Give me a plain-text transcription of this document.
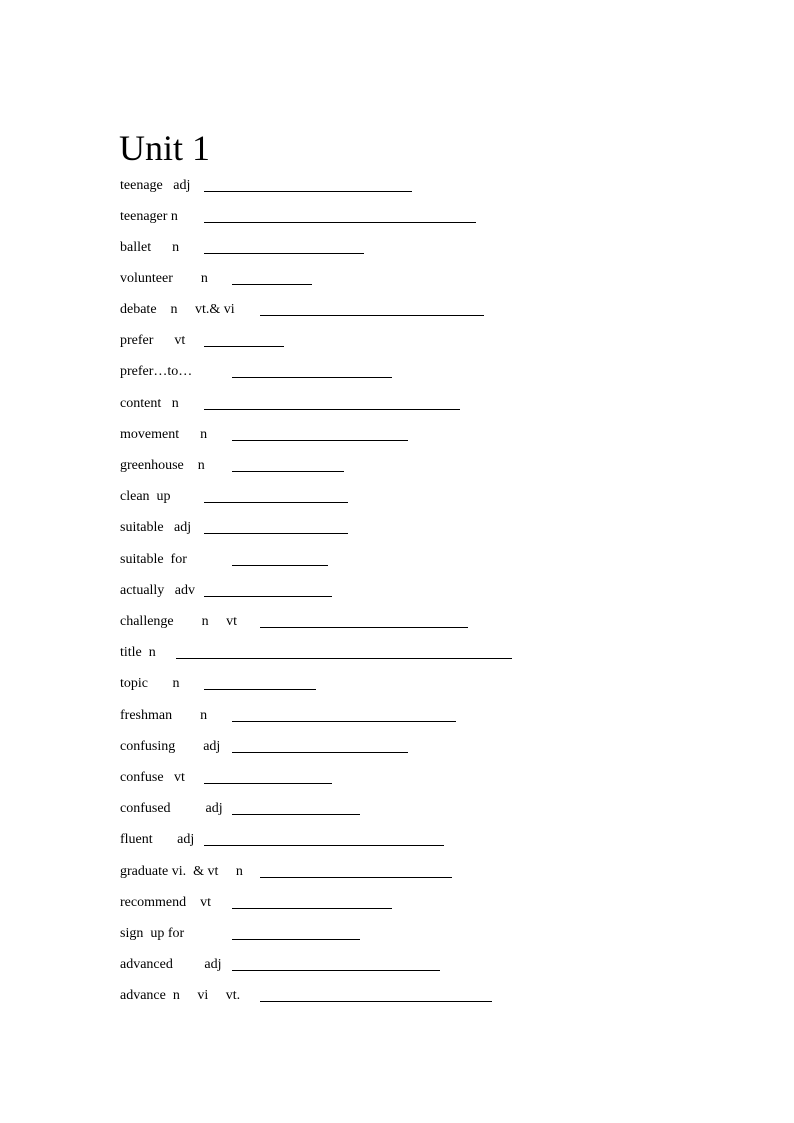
Unit 1
teenage   adj
teenager n
ballet      n
volunteer        n
debate    n     vt.& vi
prefer      vt
prefer…to…
content   n
movement      n
greenhouse    n
clean  up
suitable   adj
suitable  for
actually   adv
challenge        n     vt
title  n
topic       n
freshman        n
confusing        adj
confuse   vt
confused          adj
fluent       adj
graduate vi.  & vt     n
recommend    vt
sign  up for
advanced         adj
advance  n     vi     vt.
